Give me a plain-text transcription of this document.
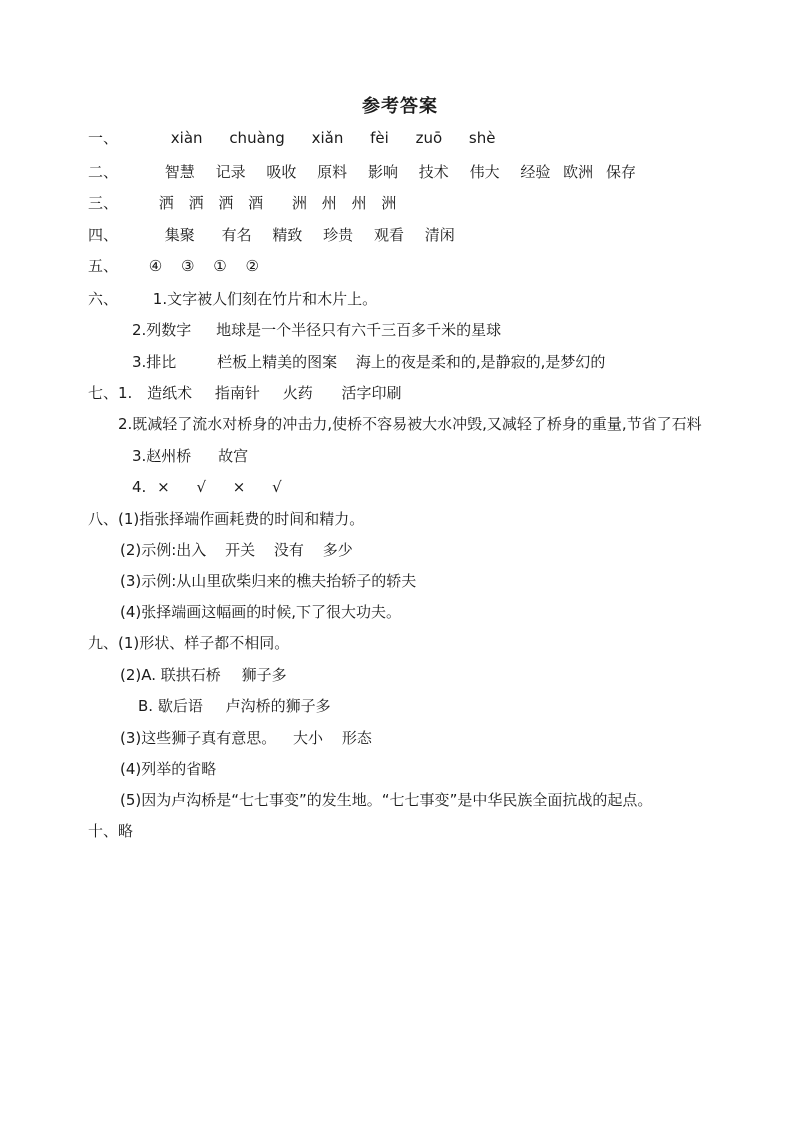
参考答案
一、	xiàn chuàng xiǎn fèi zuō shè
二、	智慧 记录 吸收 原料 影响 技术 伟大 经验 欧洲 保存
三、	洒 洒 洒 酒 洲 州 州 洲
四、	集聚 有名 精致 珍贵 观看 清闲
五、 ④ ③ ① ②
六、 1.文字被人们刻在竹片和木片上。
2.列数字 地球是一个半径只有六千三百多千米的星球
3.排比	栏板上精美的图案 海上的夜是柔和的,是静寂的,是梦幻的
七、1. 造纸术 指南针 火药 活字印刷
2.既减轻了流水对桥身的冲击力,使桥不容易被大水冲毁,又减轻了桥身的重量,节省了石料
3.赵州桥 故宫
4. × √ × √
八、(1)指张择端作画耗费的时间和精力。
(2)示例:出入 开关 没有 多少
(3)示例:从山里砍柴归来的樵夫抬轿子的轿夫
(4)张择端画这幅画的时候,下了很大功夫。
九、(1)形状、样子都不相同。
(2)A. 联拱石桥 狮子多
B. 歇后语 卢沟桥的狮子多
(3)这些狮子真有意思。 大小 形态
(4)列举的省略
(5)因为卢沟桥是“七七事变”的发生地。“七七事变”是中华民族全面抗战的起点。
十、略
